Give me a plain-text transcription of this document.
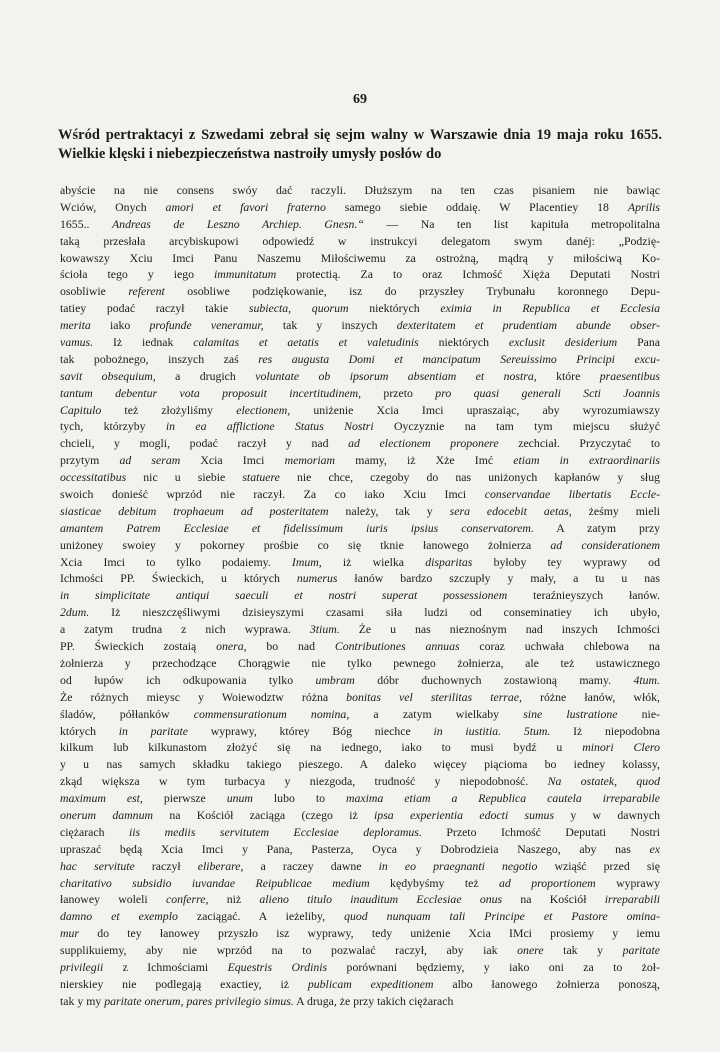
69
Wśród pertraktacyi z Szwedami zebrał się sejm walny w Warszawie dnia 19 maja roku 1655. Wielkie klęski i niebezpieczeństwa nastroiły umysły posłów do
abyście na nie consens swóy dać raczyli. Dłuższym na ten czas pisaniem nie bawiąc
Wciów, Onych amori et favori fraterno samego siebie oddaię. W Placentiey 18 Aprilis
1655.. Andreas de Leszno Archiep. Gnesn.“ — Na ten list kapituła metropolitalna
taką przesłała arcybiskupowi odpowiedź w instrukcyi delegatom swym danéj: „Podzię-
kowawszy Xciu Imci Panu Naszemu Miłościwemu za ostrożną, mądrą y miłościwą Ko-
ścioła tego y iego immunitatum protectią. Za to oraz Ichmość Xięża Deputati Nostri
osobliwie referent osobliwe podziękowanie, isz do przyszłey Trybunału koronnego Depu-
tatiey podać raczył takie subiecta, quorum niektórych eximia in Republica et Ecclesia
merita iako profunde veneramur, tak y inszych dexteritatem et prudentiam abunde obser-
vamus. Iż iednak calamitas et aetatis et valetudinis niektórych exclusit desiderium Pana
tak pobożnego, inszych zaś res augusta Domi et mancipatum Sereuissimo Principi excu-
savit obsequium, a drugich voluntate ob ipsorum absentiam et nostra, które praesentibus
tantum debentur vota proposuit incertitudinem, przeto pro quasi generali Scti Joannis
Capitulo też złożyliśmy electionem, uniżenie Xcia Imci upraszaiąc, aby wyrozumiawszy
tych, którzyby in ea afflictione Status Nostri Oyczyznie na tam tym miejscu służyć
chcieli, y mogli, podać raczył y nad ad electionem proponere zechciał. Przyczytać to
przytym ad seram Xcia Imci memoriam mamy, iż Xże Imć etiam in extraordinariis
occessitatibus nic u siebie statuere nie chce, czegoby do nas uniżonych kapłanów y sług
swoich donieść wprzód nie raczył. Za co iako Xciu Imci conservandae libertatis Eccle-
siasticae debitum trophaeum ad posteritatem należy, tak y sera edocebit aetas, żeśmy mieli
amantem Patrem Ecclesiae et fidelissimum iuris ipsius conservatorem. A zatym przy
uniżoney swoiey y pokorney prośbie co się tknie łanowego żołnierza ad considerationem
Xcia Imci to tylko podaiemy. Imum, iż wielka disparitas byłoby tey wyprawy od
Ichmości PP. Świeckich, u których numerus łanów bardzo szczupły y mały, a tu u nas
in simplicitate antiqui saeculi et nostri superat possessionem teraźnieyszych łanów.
2dum. Iż nieszczęśliwymi dzisieyszymi czasami siła ludzi od conseminatiey ich ubyło,
a zatym trudna z nich wyprawa. 3tium. Że u nas nieznośnym nad inszych Ichmości
PP. Świeckich zostaią onera, bo nad Contributiones annuas coraz uchwała chlebowa na
żołnierza y przechodzące Chorągwie nie tylko pewnego żołnierza, ale też ustawicznego
od łupów ich odkupowania tylko umbram dóbr duchownych zostawioną mamy. 4tum.
Że różnych mieysc y Woiewodztw różna bonitas vel sterilitas terrae, różne łanów, włók,
śladów, półłanków commensurationum nomina, a zatym wielkaby sine lustratione nie-
których in paritate wyprawy, którey Bóg niechce in iustitia. 5tum. Iż niepodobna
kilkum lub kilkunastom złożyć się na iednego, iako to musi bydź u minori Clero
y u nas samych składku takiego pieszego. A daleko więcey piącioma bo iedney kolassy,
zkąd większa w tym turbacya y niezgoda, trudność y niepodobność. Na ostatek, quod
maximum est, pierwsze unum lubo to maxima etiam a Republica cautela irreparabile
onerum damnum na Kościół zaciąga (czego iż ipsa experientia edocti sumus y w dawnych
ciężarach iis mediis servitutem Ecclesiae deploramus. Przeto Ichmość Deputati Nostri
upraszać będą Xcia Imci y Pana, Pasterza, Oyca y Dobrodzieia Naszego, aby nas ex
hac servitute raczył eliberare, a raczey dawne in eo praegnanti negotio wziąść przed się
charitativo subsidio iuvandae Reipublicae medium kędybyśmy też ad proportionem wyprawy
łanowey woleli conferre, niż alieno titulo inauditum Ecclesiae onus na Kościół irreparabili
damno et exemplo zaciągać. A ieżeliby, quod nunquam tali Principe et Pastore omina-
mur do tey łanowey przyszło isz wyprawy, tedy uniżenie Xcia IMci prosiemy y iemu
supplikuiemy, aby nie wprzód na to pozwalać raczył, aby iak onere tak y paritate
privilegii z Ichmościami Equestris Ordinis porównani będziemy, y iako oni za to żoł-
nierskiey nie podlegają exactiey, iż publicam expeditionem albo łanowego żołnierza ponoszą,
tak y my paritate onerum, pares privilegio simus. A druga, że przy takich ciężarach
